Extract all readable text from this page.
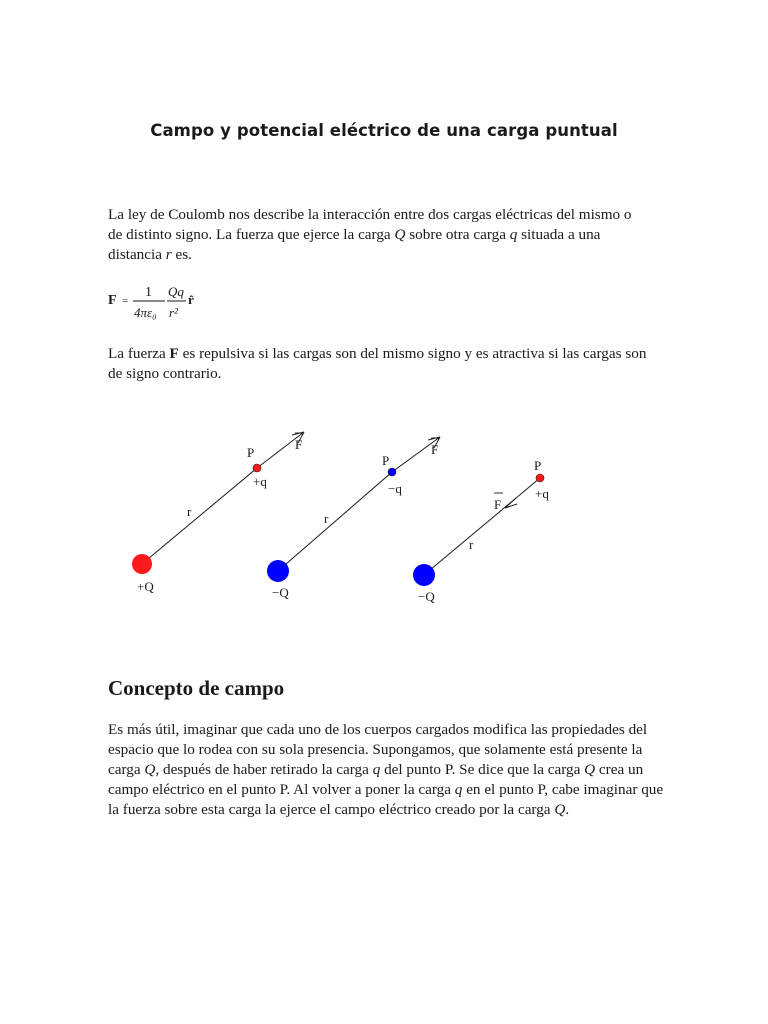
Campo y potencial eléctrico de una carga puntual

La ley de Coulomb nos describe la interacción entre dos cargas eléctricas del mismo o de distinto signo. La fuerza que ejerce la carga Q sobre otra carga q situada a una distancia r es.

F =
1
4πε₀
Qq
r²
r̂

La fuerza F es repulsiva si las cargas son del mismo signo y es atractiva si las cargas son de signo contrario.

+Q
+q
P
r
F
−Q
−q
P
r
F
−Q
+q
P
r
F
Concepto de campo

Es más útil, imaginar que cada uno de los cuerpos cargados modifica las propiedades del espacio que lo rodea con su sola presencia. Supongamos, que solamente está presente la carga Q, después de haber retirado la carga q del punto P. Se dice que la carga Q crea un campo eléctrico en el punto P. Al volver a poner la carga q en el punto P, cabe imaginar que la fuerza sobre esta carga la ejerce el campo eléctrico creado por la carga Q.
